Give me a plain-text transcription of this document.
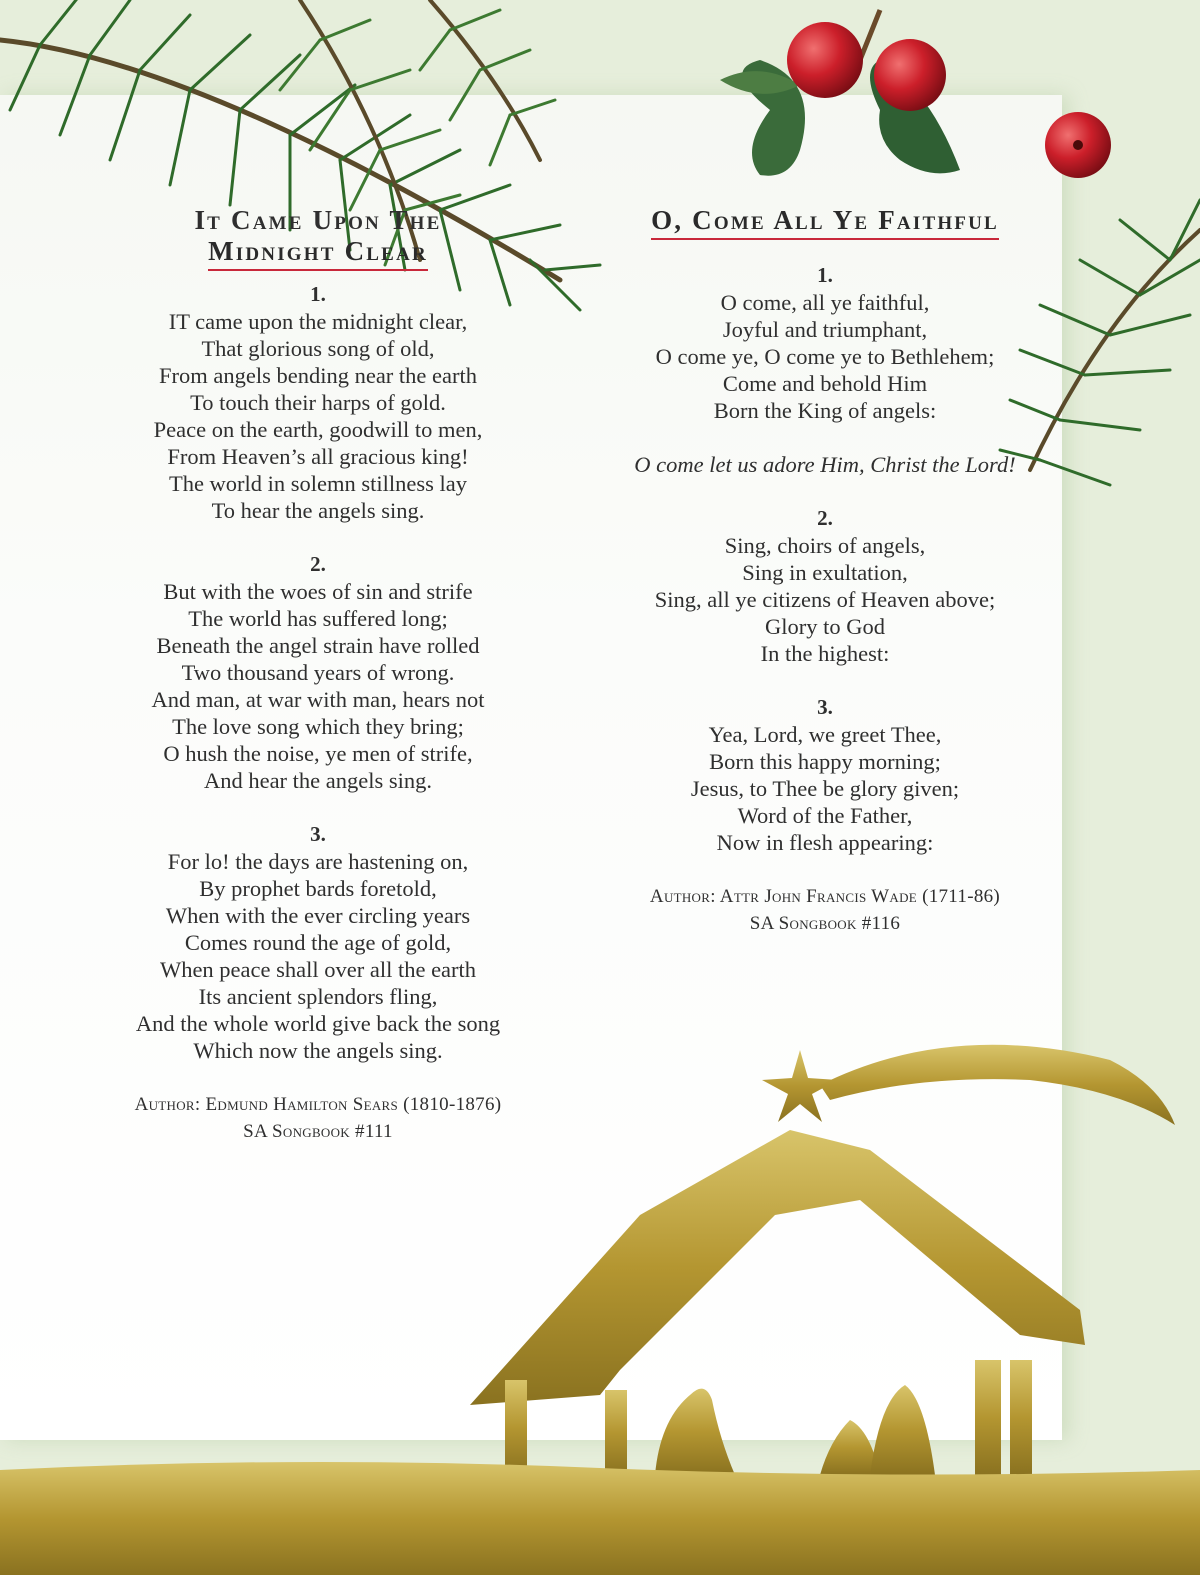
It Came Upon The
Midnight Clear

1.

IT came upon the midnight clear,

That glorious song of old,

From angels bending near the earth

To touch their harps of gold.

Peace on the earth, goodwill to men,

From Heaven’s all gracious king!

The world in solemn stillness lay

To hear the angels sing.

2.

But with the woes of sin and strife

The world has suffered long;

Beneath the angel strain have rolled

Two thousand years of wrong.

And man, at war with man, hears not

The love song which they bring;

O hush the noise, ye men of strife,

And hear the angels sing.

3.

For lo! the days are hastening on,

By prophet bards foretold,

When with the ever circling years

Comes round the age of gold,

When peace shall over all the earth

Its ancient splendors fling,

And the whole world give back the song

Which now the angels sing.

Author: Edmund Hamilton Sears (1810-1876)

SA Songbook #111

O, Come All Ye Faithful

1.

O come, all ye faithful,

Joyful and triumphant,

O come ye, O come ye to Bethlehem;

Come and behold Him

Born the King of angels:

O come let us adore Him, Christ the Lord!

2.

Sing, choirs of angels,

Sing in exultation,

Sing, all ye citizens of Heaven above;

Glory to God

In the highest:

3.

Yea, Lord, we greet Thee,

Born this happy morning;

Jesus, to Thee be glory given;

Word of the Father,

Now in flesh appearing:

Author: Attr John Francis Wade (1711-86)

SA Songbook #116
